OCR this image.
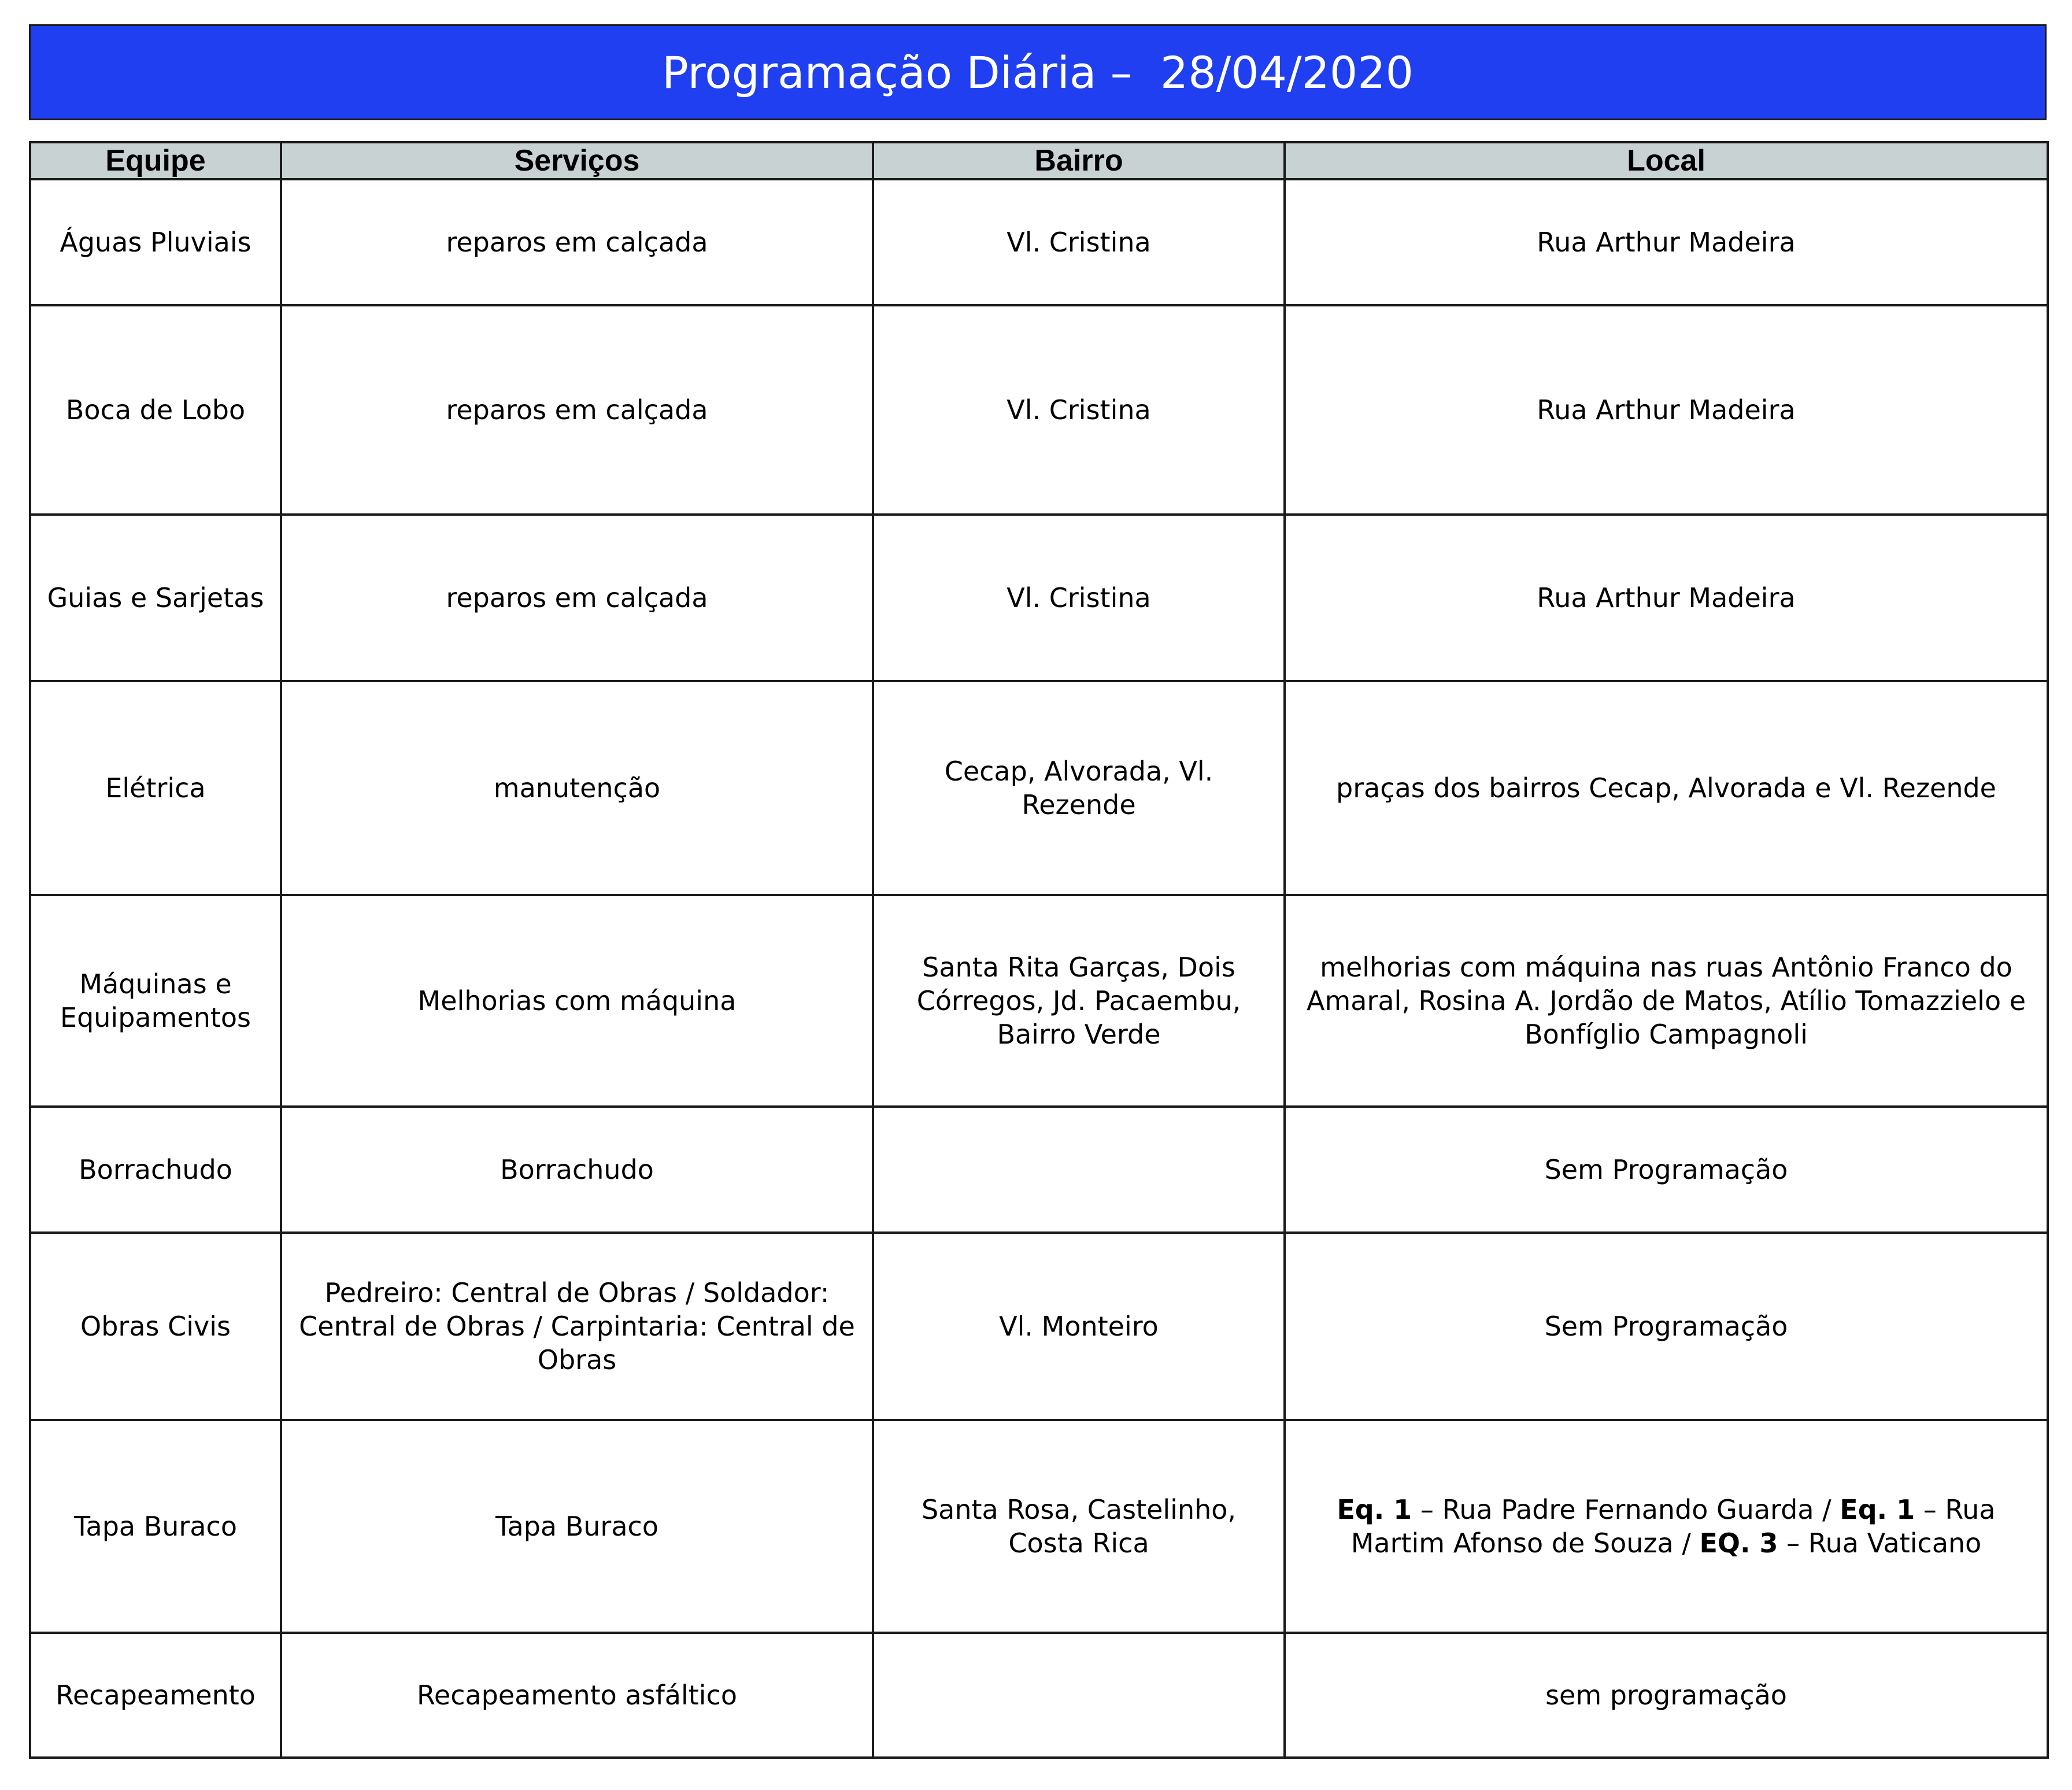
Programação Diária –  28/04/2020
Equipe	Serviços	Bairro	Local
Águas Pluviais	reparos em calçada	Vl. Cristina	Rua Arthur Madeira
Boca de Lobo	reparos em calçada	Vl. Cristina	Rua Arthur Madeira
Guias e Sarjetas	reparos em calçada	Vl. Cristina	Rua Arthur Madeira
Elétrica	manutenção	Cecap, Alvorada, Vl. Rezende	praças dos bairros Cecap, Alvorada e Vl. Rezende
Máquinas e Equipamentos	Melhorias com máquina	Santa Rita Garças, Dois Córregos, Jd. Pacaembu, Bairro Verde	melhorias com máquina nas ruas Antônio Franco do Amaral, Rosina A. Jordão de Matos, Atílio Tomazzielo e Bonfíglio Campagnoli
Borrachudo	Borrachudo		Sem Programação
Obras Civis	Pedreiro: Central de Obras / Soldador: Central de Obras / Carpintaria: Central de Obras	Vl. Monteiro	Sem Programação
Tapa Buraco	Tapa Buraco	Santa Rosa, Castelinho, Costa Rica	Eq. 1 – Rua Padre Fernando Guarda / Eq. 1 – Rua Martim Afonso de Souza / EQ. 3 – Rua Vaticano
Recapeamento	Recapeamento asfáltico		sem programação
